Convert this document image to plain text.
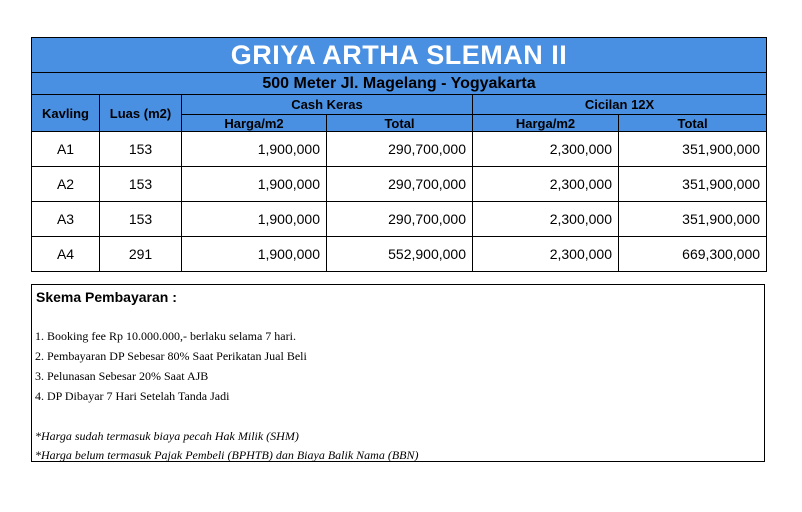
GRIYA ARTHA SLEMAN II					
500 Meter Jl. Magelang - Yogyakarta					
Kavling	Luas (m2)	Cash Keras		Cicilan 12X	
		Harga/m2	Total	Harga/m2	Total
A1	153	1,900,000	290,700,000	2,300,000	351,900,000
A2	153	1,900,000	290,700,000	2,300,000	351,900,000
A3	153	1,900,000	290,700,000	2,300,000	351,900,000
A4	291	1,900,000	552,900,000	2,300,000	669,300,000
Skema Pembayaran :
1. Booking fee Rp 10.000.000,- berlaku selama 7 hari.
2. Pembayaran DP Sebesar 80% Saat Perikatan Jual Beli
3. Pelunasan Sebesar 20% Saat AJB
4. DP Dibayar 7 Hari Setelah Tanda Jadi
*Harga sudah termasuk biaya pecah Hak Milik (SHM)
*Harga belum termasuk Pajak Pembeli (BPHTB) dan Biaya Balik Nama (BBN)
